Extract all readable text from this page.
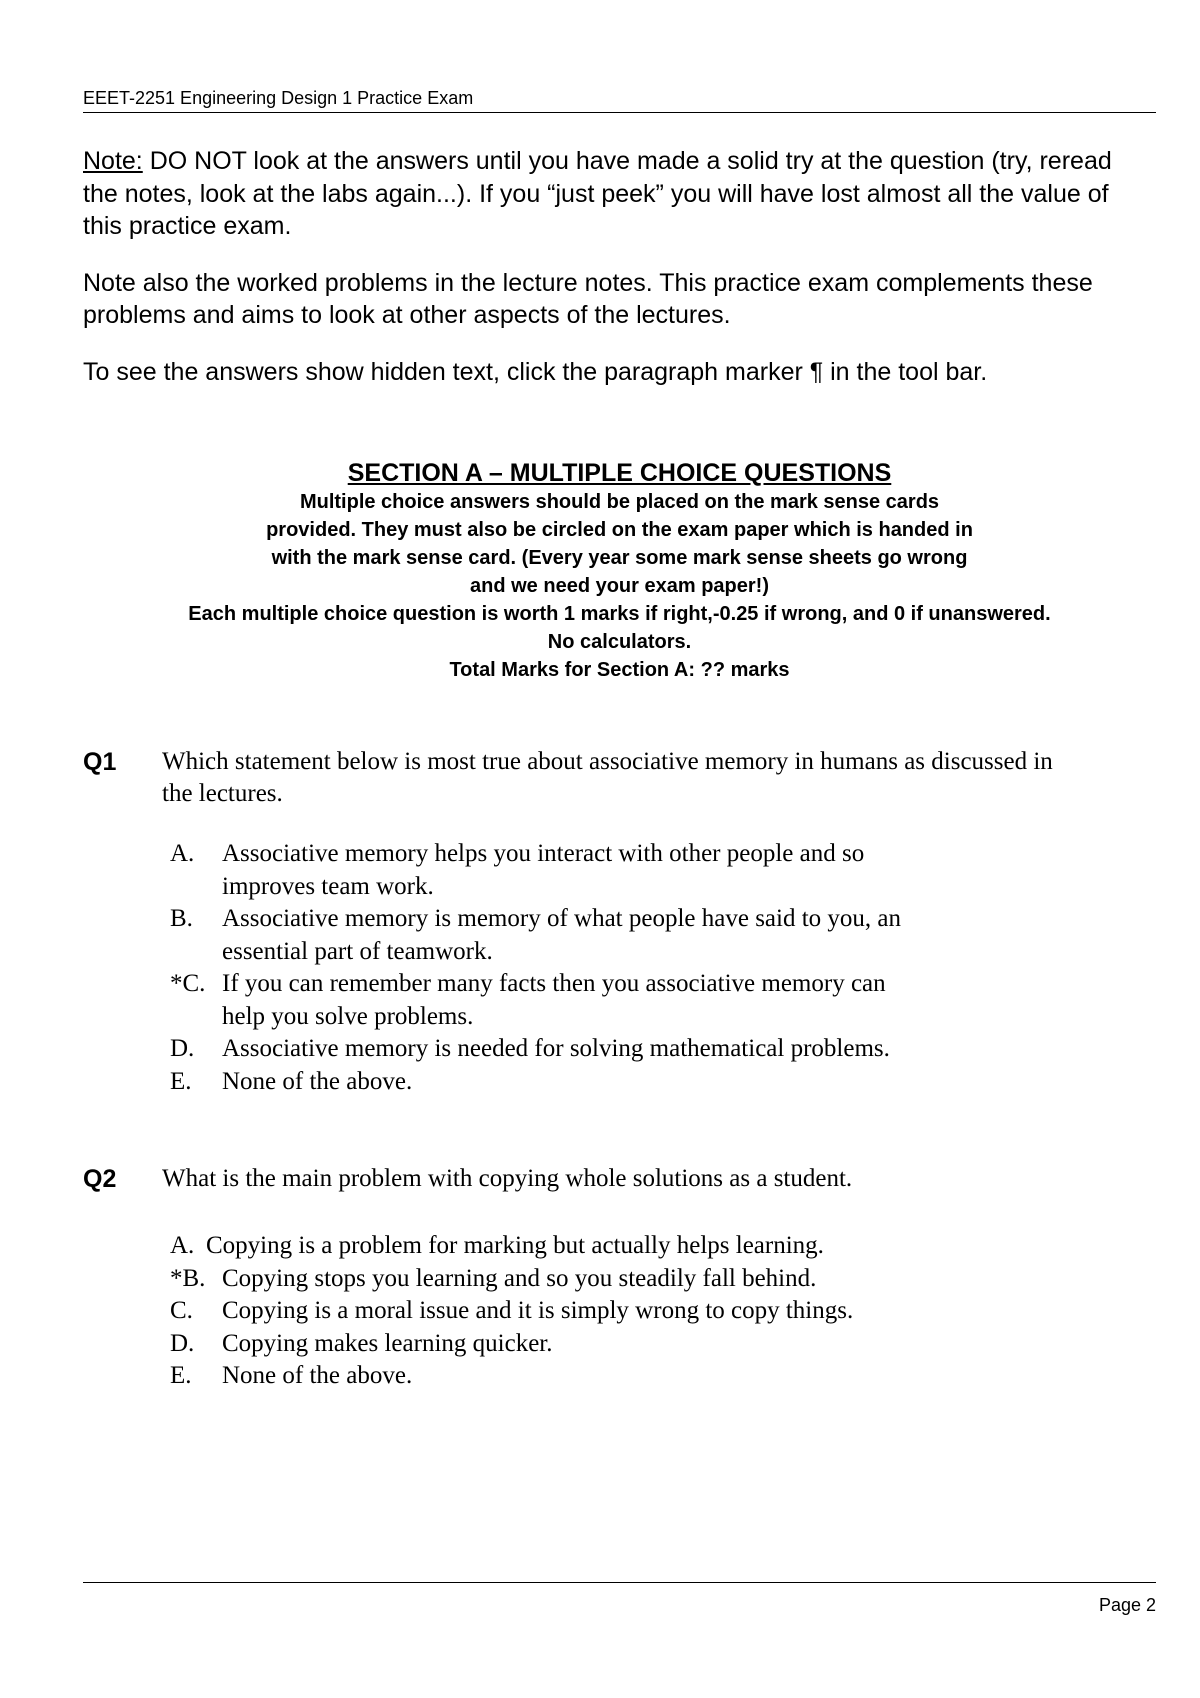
EEET-2251 Engineering Design 1 Practice Exam

Note: DO NOT look at the answers until you have made a solid try at the question (try, reread the notes, look at the labs again...). If you “just peek” you will have lost almost all the value of this practice exam.

Note also the worked problems in the lecture notes. This practice exam complements these problems and aims to look at other aspects of the lectures.

To see the answers show hidden text, click the paragraph marker ¶ in the tool bar.

SECTION A – MULTIPLE CHOICE QUESTIONS
Multiple choice answers should be placed on the mark sense cards
provided. They must also be circled on the exam paper which is handed in
with the mark sense card. (Every year some mark sense sheets go wrong
and we need your exam paper!)
Each multiple choice question is worth 1 marks if right,-0.25 if wrong, and 0 if unanswered.
No calculators.
Total Marks for Section A: ?? marks
Q1 Which statement below is most true about associative memory in humans as discussed in the lectures.
A.	Associative memory helps you interact with other people and so improves team work.
B.	Associative memory is memory of what people have said to you, an essential part of teamwork.
*C. If you can remember many facts then you associative memory can help you solve problems.
D.	Associative memory is needed for solving mathematical problems.
E.	None of the above.
Q2 What is the main problem with copying whole solutions as a student.
A. Copying is a problem for marking but actually helps learning.
*B. Copying stops you learning and so you steadily fall behind.
C.	Copying is a moral issue and it is simply wrong to copy things.
D.	Copying makes learning quicker.
E.	None of the above.
Page 2
